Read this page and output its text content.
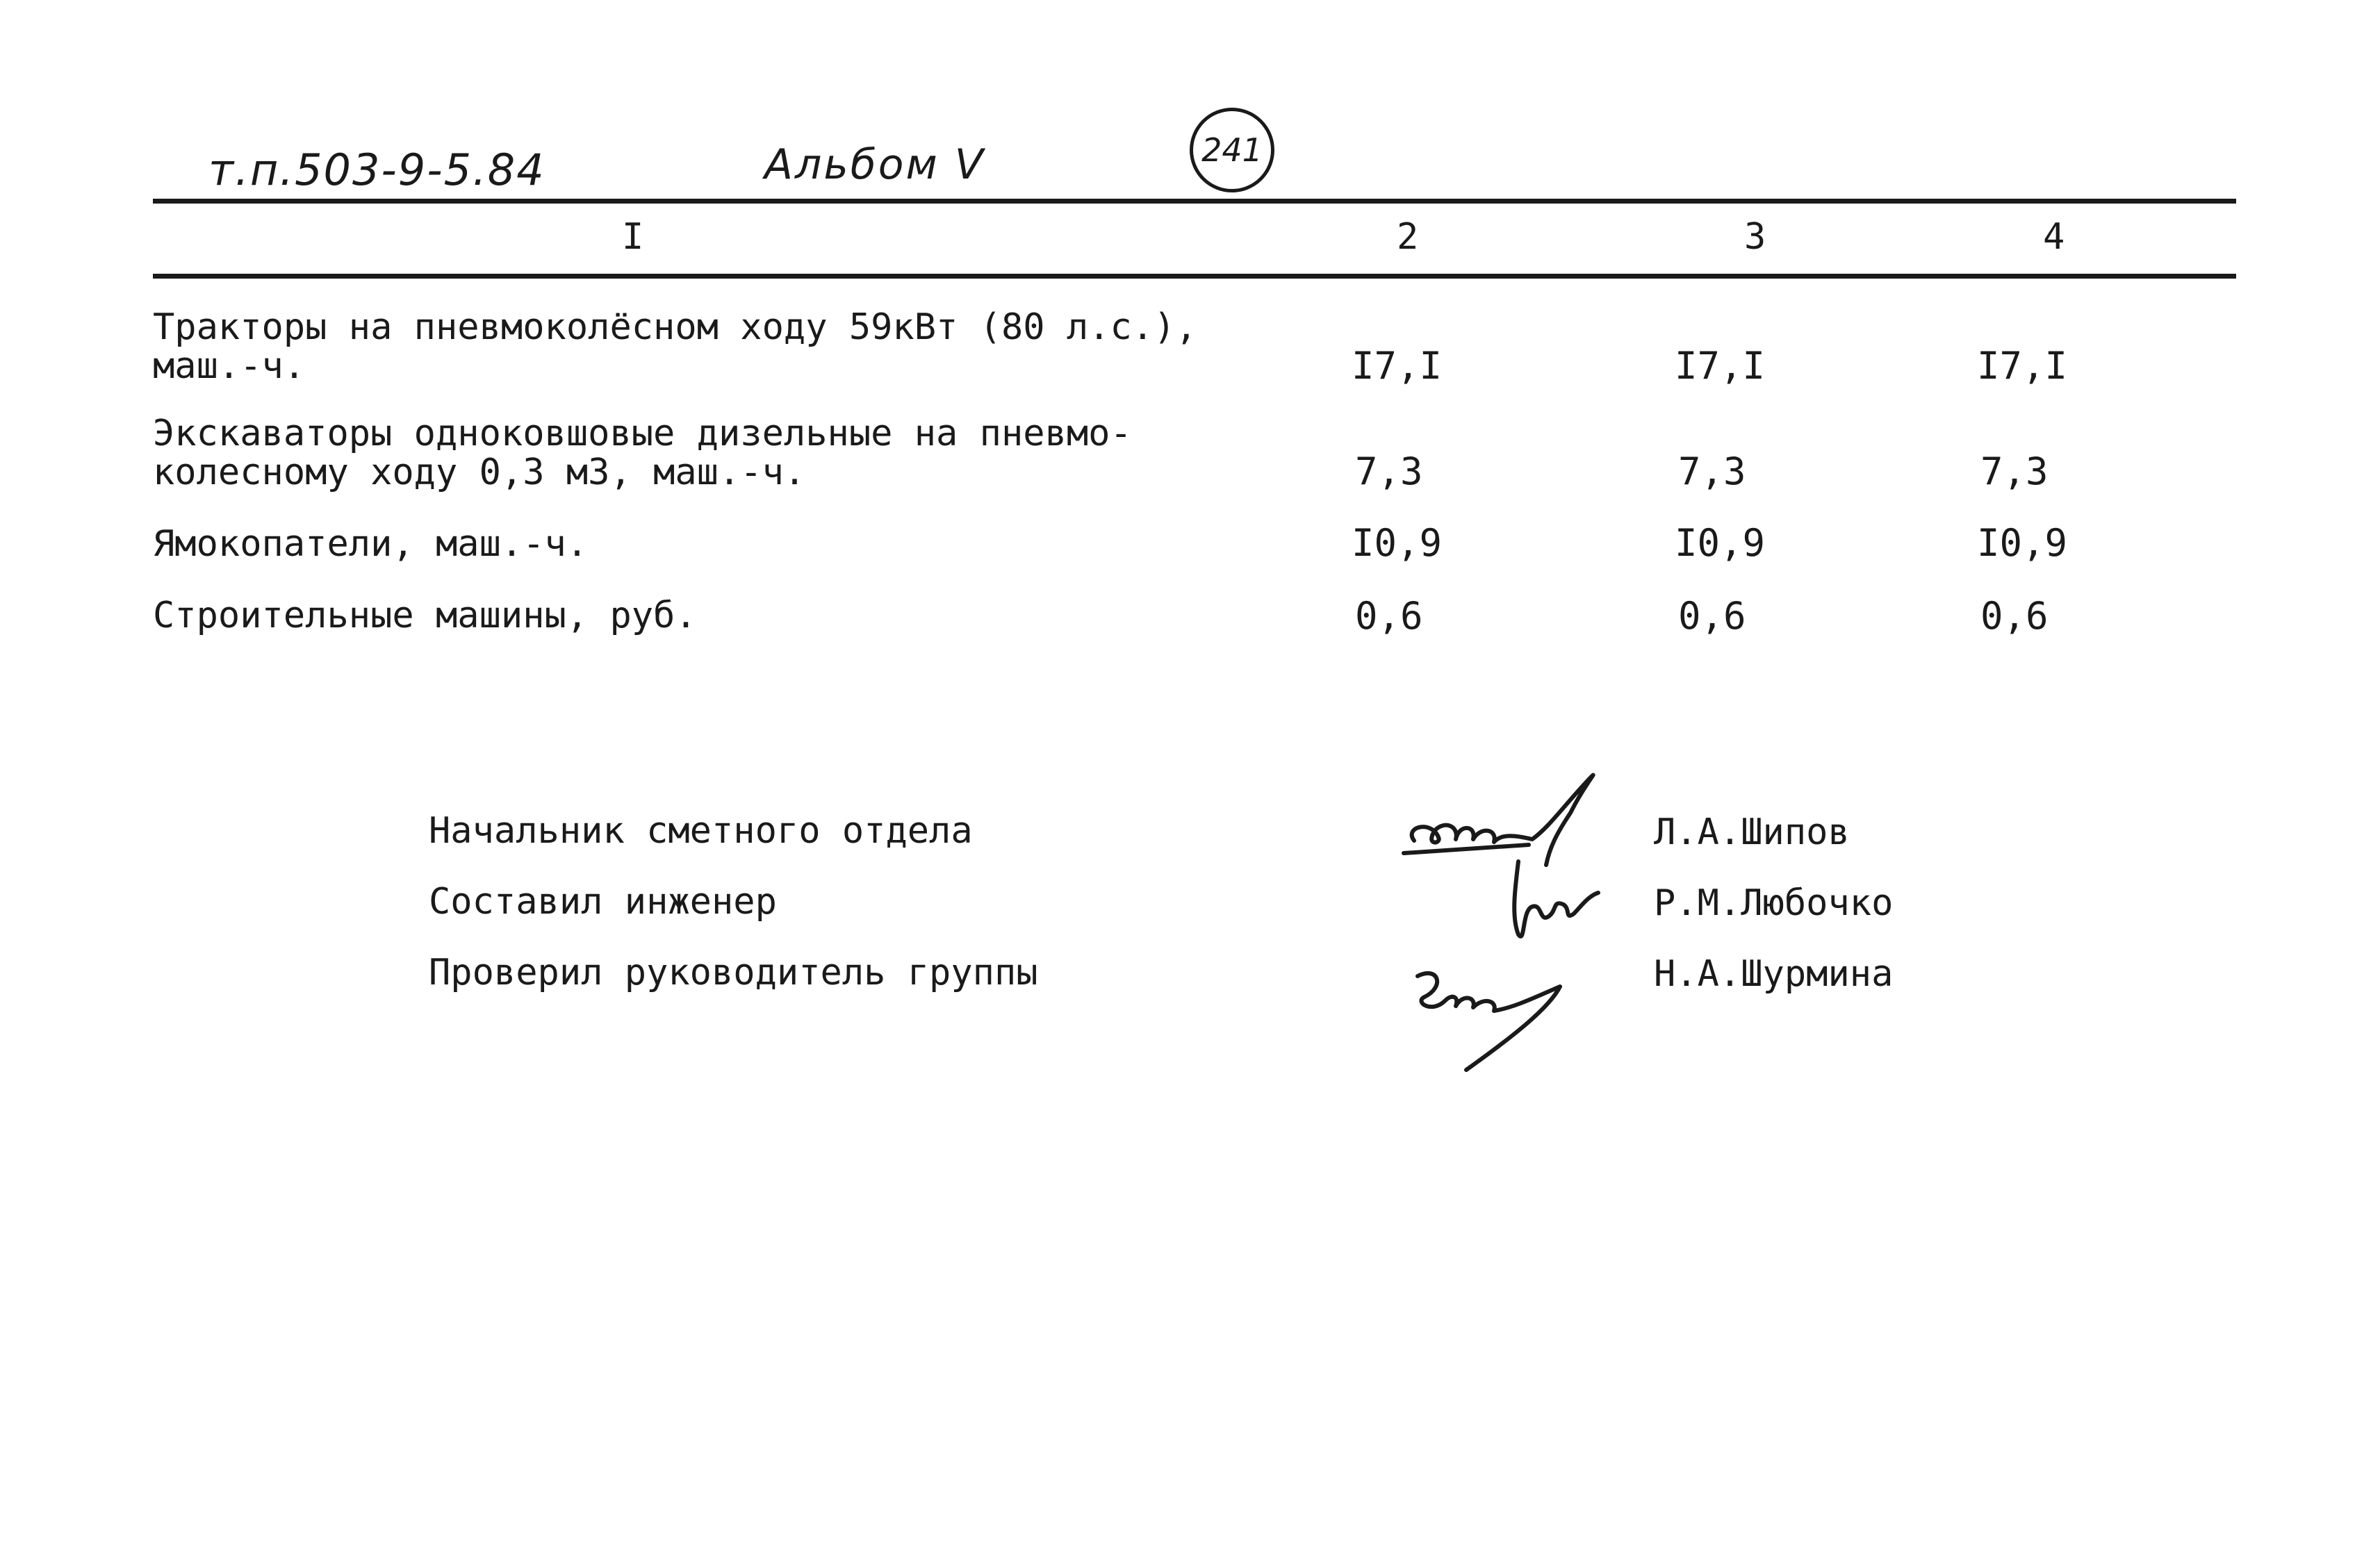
т.п.503-9-5.84	Альбом V	241
I	2	3	4
Тракторы на пневмоколёсном ходу 59кВт (80 л.с.),
маш.-ч.	I7,I	I7,I	I7,I
Экскаваторы одноковшовые дизельные на пневмо-
колесному ходу 0,3 м3, маш.-ч.	7,3	7,3	7,3
Ямокопатели, маш.-ч.	I0,9	I0,9	I0,9
Строительные машины, руб.	0,6	0,6	0,6
Начальник сметного отдела
Составил инженер
Проверил руководитель группы
Л.А.Шипов
Р.М.Любочко
Н.А.Шурмина
